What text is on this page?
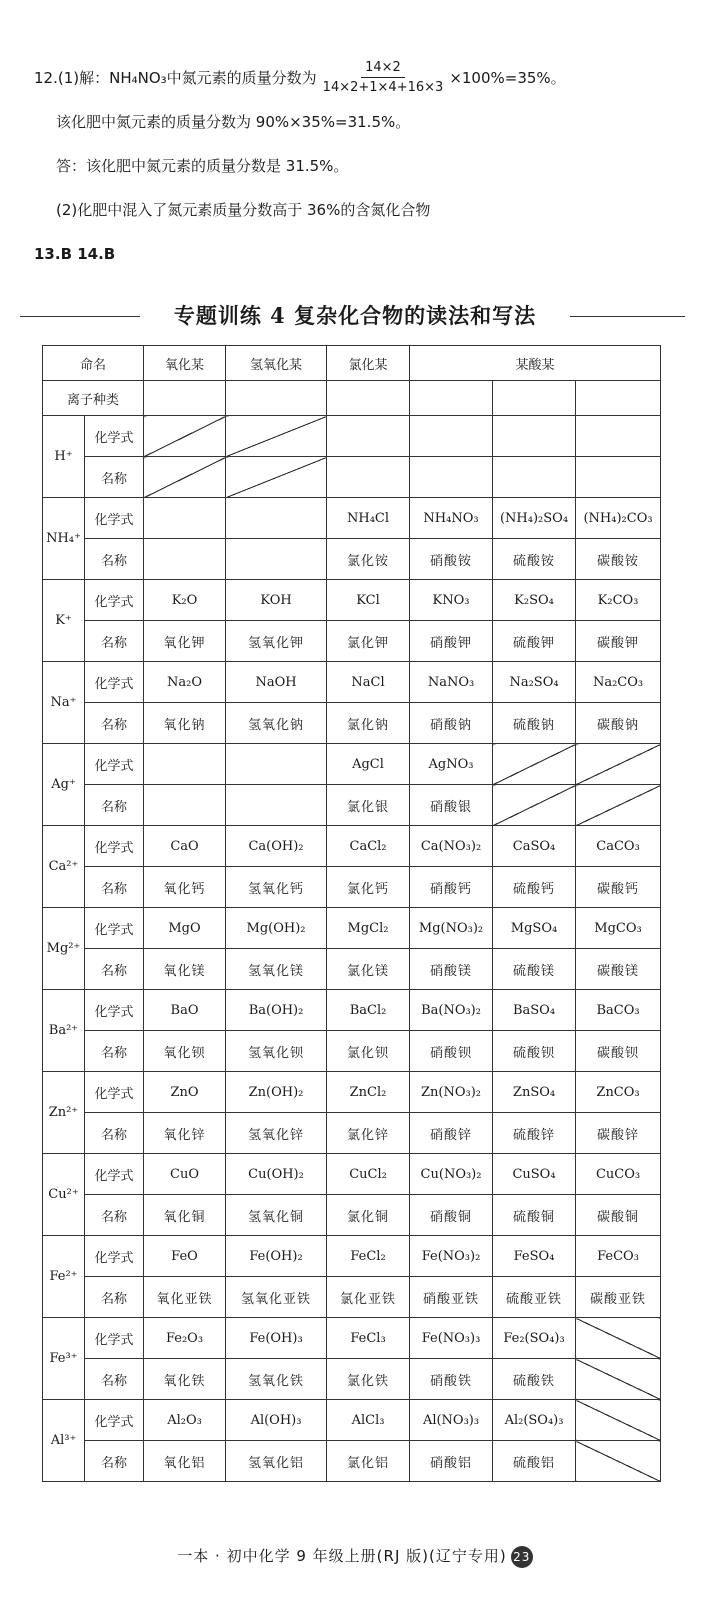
12.(1)解：NH₄NO₃中氮元素的质量分数为 $\frac{14\times 2}{14\times 2+1\times 4+16\times 3} \times 100\%=35\%$。
该化肥中氮元素的质量分数为 90%×35%=31.5%。
答：该化肥中氮元素的质量分数是 31.5%。
(2)化肥中混入了氮元素质量分数高于 36%的含氮化合物
13.B 14.B
专题训练 4 复杂化合物的读法和写法
命名		氧化某	氢氧化某	氯化某	某酸某		
离子种类							
H⁺	化学式						
	名称						
NH₄⁺	化学式			NH₄Cl	NH₄NO₃	(NH₄)₂SO₄	(NH₄)₂CO₃
	名称			氯化铵	硝酸铵	硫酸铵	碳酸铵
K⁺	化学式	K₂O	KOH	KCl	KNO₃	K₂SO₄	K₂CO₃
	名称	氧化钾	氢氧化钾	氯化钾	硝酸钾	硫酸钾	碳酸钾
Na⁺	化学式	Na₂O	NaOH	NaCl	NaNO₃	Na₂SO₄	Na₂CO₃
	名称	氧化钠	氢氧化钠	氯化钠	硝酸钠	硫酸钠	碳酸钠
Ag⁺	化学式			AgCl	AgNO₃		
	名称			氯化银	硝酸银		
Ca²⁺	化学式	CaO	Ca(OH)₂	CaCl₂	Ca(NO₃)₂	CaSO₄	CaCO₃
	名称	氧化钙	氢氧化钙	氯化钙	硝酸钙	硫酸钙	碳酸钙
Mg²⁺	化学式	MgO	Mg(OH)₂	MgCl₂	Mg(NO₃)₂	MgSO₄	MgCO₃
	名称	氧化镁	氢氧化镁	氯化镁	硝酸镁	硫酸镁	碳酸镁
Ba²⁺	化学式	BaO	Ba(OH)₂	BaCl₂	Ba(NO₃)₂	BaSO₄	BaCO₃
	名称	氧化钡	氢氧化钡	氯化钡	硝酸钡	硫酸钡	碳酸钡
Zn²⁺	化学式	ZnO	Zn(OH)₂	ZnCl₂	Zn(NO₃)₂	ZnSO₄	ZnCO₃
	名称	氧化锌	氢氧化锌	氯化锌	硝酸锌	硫酸锌	碳酸锌
Cu²⁺	化学式	CuO	Cu(OH)₂	CuCl₂	Cu(NO₃)₂	CuSO₄	CuCO₃
	名称	氧化铜	氢氧化铜	氯化铜	硝酸铜	硫酸铜	碳酸铜
Fe²⁺	化学式	FeO	Fe(OH)₂	FeCl₂	Fe(NO₃)₂	FeSO₄	FeCO₃
	名称	氧化亚铁	氢氧化亚铁	氯化亚铁	硝酸亚铁	硫酸亚铁	碳酸亚铁
Fe³⁺	化学式	Fe₂O₃	Fe(OH)₃	FeCl₃	Fe(NO₃)₃	Fe₂(SO₄)₃	
	名称	氧化铁	氢氧化铁	氯化铁	硝酸铁	硫酸铁	
Al³⁺	化学式	Al₂O₃	Al(OH)₃	AlCl₃	Al(NO₃)₃	Al₂(SO₄)₃	
	名称	氧化铝	氢氧化铝	氯化铝	硝酸铝	硫酸铝	
一本 · 初中化学 9 年级上册(RJ 版)(辽宁专用) 23
